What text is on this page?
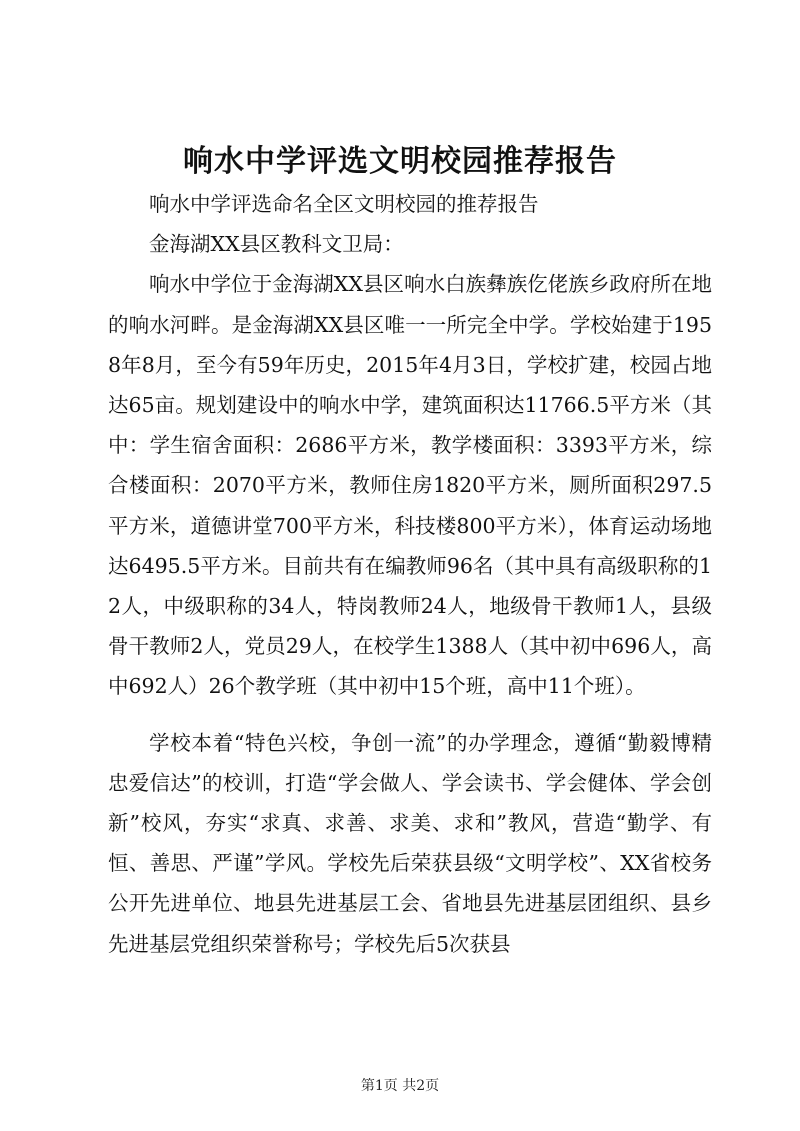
响水中学评选文明校园推荐报告

响水中学评选命名全区文明校园的推荐报告

金海湖XX县区教科文卫局：

响水中学位于金海湖XX县区响水白族彝族仡佬族乡政府所在地的响水河畔。是金海湖XX县区唯一一所完全中学。学校始建于1958年8月，至今有59年历史，2015年4月3日，学校扩建，校园占地达65亩。规划建设中的响水中学，建筑面积达11766.5平方米（其中：学生宿舍面积：2686平方米，教学楼面积：3393平方米，综合楼面积：2070平方米，教师住房1820平方米，厕所面积297.5平方米，道德讲堂700平方米，科技楼800平方米），体育运动场地达6495.5平方米。目前共有在编教师96名（其中具有高级职称的12人，中级职称的34人，特岗教师24人，地级骨干教师1人，县级骨干教师2人，党员29人，在校学生1388人（其中初中696人，高中692人）26个教学班（其中初中15个班，高中11个班）。

学校本着“特色兴校，争创一流”的办学理念，遵循“勤毅博精忠爱信达”的校训，打造“学会做人、学会读书、学会健体、学会创新”校风，夯实“求真、求善、求美、求和”教风，营造“勤学、有恒、善思、严谨”学风。学校先后荣获县级“文明学校”、XX省校务公开先进单位、地县先进基层工会、省地县先进基层团组织、县乡先进基层党组织荣誉称号；学校先后5次获县

第1页 共2页
